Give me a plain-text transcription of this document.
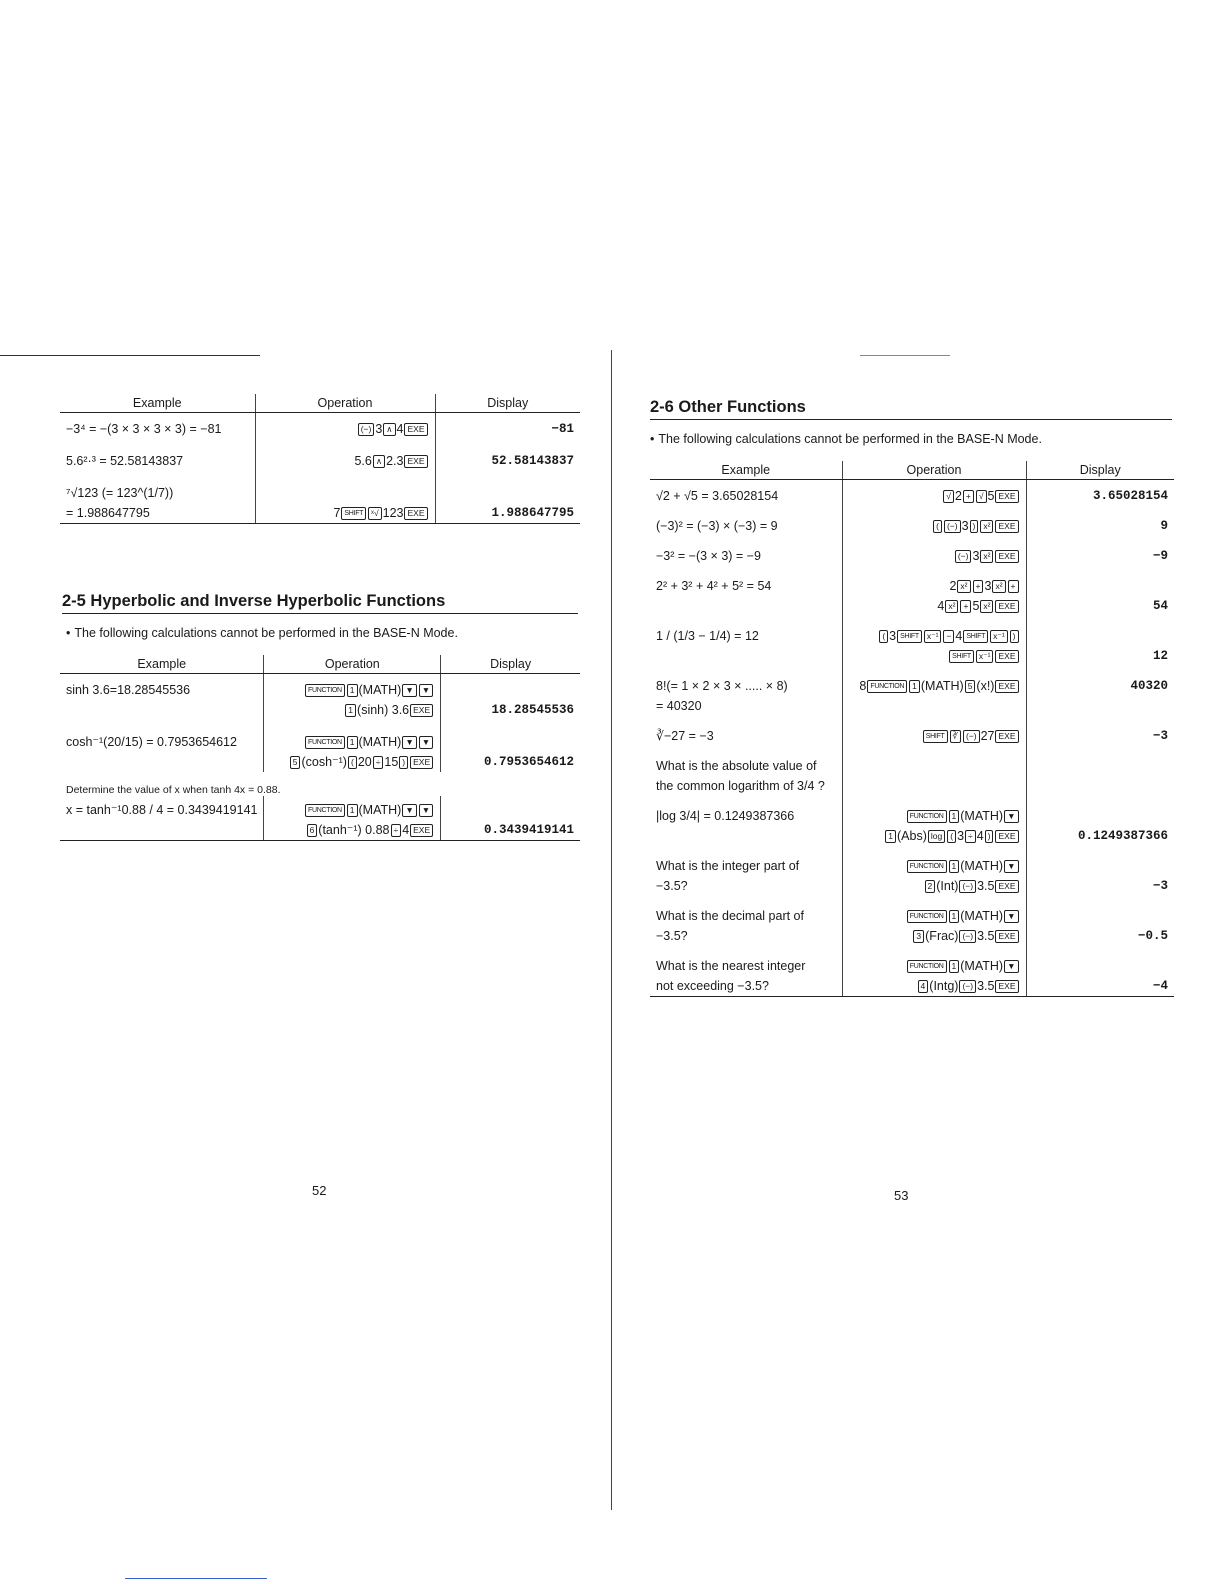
Example	Operation	Display

−3⁴ = −(3 × 3 × 3 × 3) = −81	(−) 3 ∧ 4 EXE	−81

5.6²·³ = 52.58143837	5.6 ∧ 2.3 EXE	52.58143837

⁷√123 (= 123^(1/7))
= 1.988647795	7 SHIFT ˣ√ 123 EXE	1.988647795
2-5 Hyperbolic and Inverse Hyperbolic Functions
• The following calculations cannot be performed in the BASE-N Mode.
Example	Operation	Display

sinh 3.6=18.28545536	FUNCTION 1 (MATH) ▼ ▼
1 (sinh) 3.6 EXE	18.28545536

cosh⁻¹(20/15) = 0.7953654612	FUNCTION 1 (MATH) ▼ ▼
5 (cosh⁻¹) ( 20 ÷ 15 ) EXE	0.7953654612

Determine the value of x when tanh 4x = 0.88.		

x = tanh⁻¹0.88 / 4 = 0.3439419141	FUNCTION 1 (MATH) ▼ ▼
6 (tanh⁻¹) 0.88 ÷ 4 EXE	0.3439419141
52
2-6 Other Functions
• The following calculations cannot be performed in the BASE-N Mode.
Example	Operation	Display

√2 + √5 = 3.65028154	√ 2 + √ 5 EXE	3.65028154

(−3)² = (−3) × (−3) = 9	( (−) 3 ) x² EXE	9

−3² = −(3 × 3) = −9	(−) 3 x² EXE	−9

2² + 3² + 4² + 5² = 54	2 x² + 3 x² +
4 x² + 5 x² EXE	54

1 / (1/3 − 1/4) = 12	( 3 SHIFT x⁻¹ − 4 SHIFT x⁻¹ )
SHIFT x⁻¹ EXE	12

8!(= 1 × 2 × 3 × ..... × 8)
= 40320	8 FUNCTION 1 (MATH) 5 (x!) EXE	40320

∛−27 = −3	SHIFT ∛ (−) 27 EXE	−3

What is the absolute value of
the common logarithm of 3/4 ?		

|log 3/4| = 0.1249387366	FUNCTION 1 (MATH) ▼
1 (Abs) log ( 3 ÷ 4 ) EXE	0.1249387366

What is the integer part of
−3.5?	FUNCTION 1 (MATH) ▼
2 (Int) (−) 3.5 EXE	−3

What is the decimal part of
−3.5?	FUNCTION 1 (MATH) ▼
3 (Frac) (−) 3.5 EXE	−0.5

What is the nearest integer
not exceeding −3.5?	FUNCTION 1 (MATH) ▼
4 (Intg) (−) 3.5 EXE	−4
53
